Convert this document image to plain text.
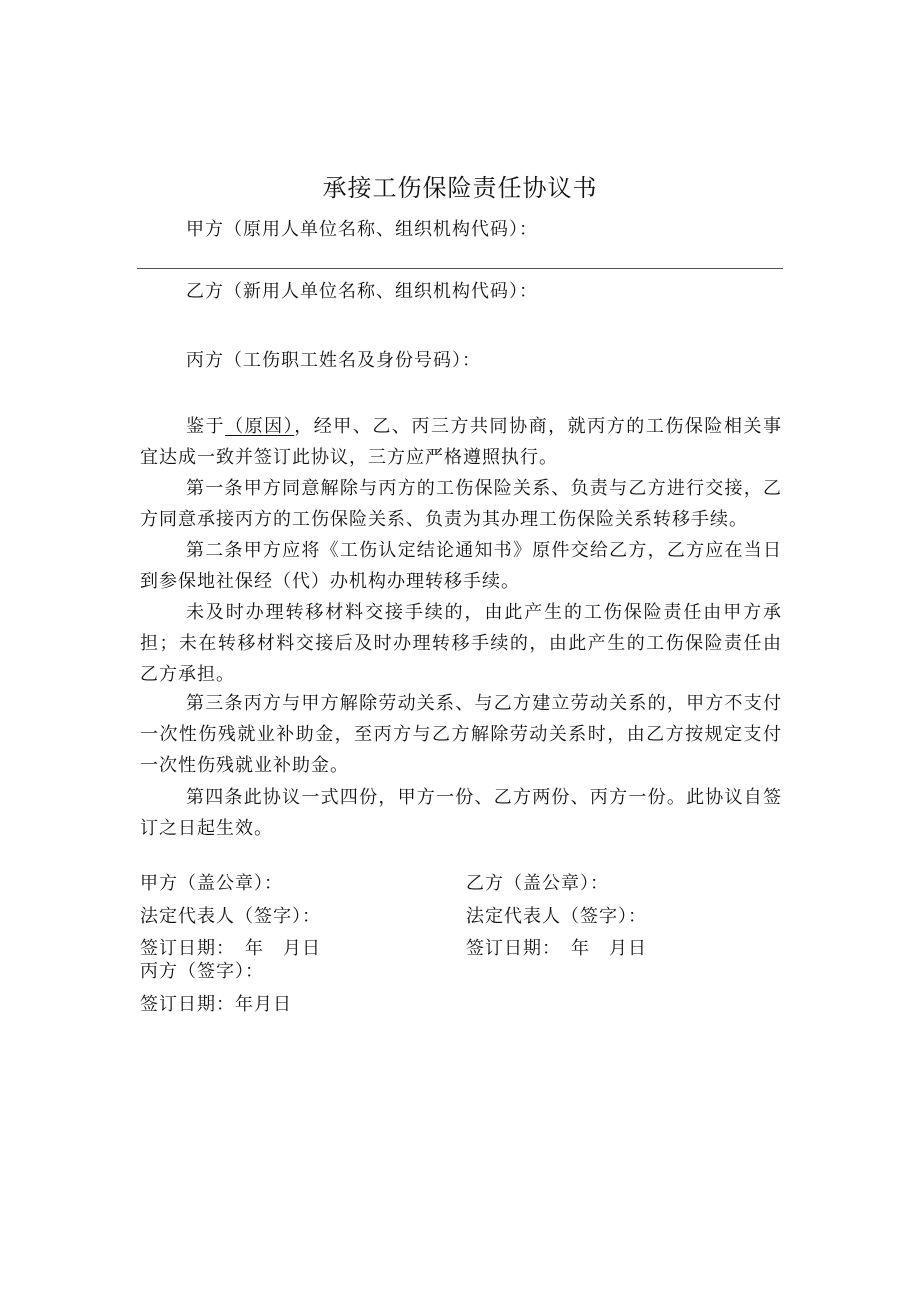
承接工伤保险责任协议书
甲方（原用人单位名称、组织机构代码）：
乙方（新用人单位名称、组织机构代码）：
丙方（工伤职工姓名及身份号码）：
鉴于（原因），经甲、乙、丙三方共同协商，就丙方的工伤保险相关事宜达成一致并签订此协议，三方应严格遵照执行。
第一条甲方同意解除与丙方的工伤保险关系、负责与乙方进行交接，乙方同意承接丙方的工伤保险关系、负责为其办理工伤保险关系转移手续。
第二条甲方应将《工伤认定结论通知书》原件交给乙方，乙方应在当日到参保地社保经（代）办机构办理转移手续。
未及时办理转移材料交接手续的，由此产生的工伤保险责任由甲方承担；未在转移材料交接后及时办理转移手续的，由此产生的工伤保险责任由乙方承担。
第三条丙方与甲方解除劳动关系、与乙方建立劳动关系的，甲方不支付一次性伤残就业补助金，至丙方与乙方解除劳动关系时，由乙方按规定支付一次性伤残就业补助金。
第四条此协议一式四份，甲方一份、乙方两份、丙方一份。此协议自签订之日起生效。
甲方（盖公章）：	乙方（盖公章）：
法定代表人（签字）：	法定代表人（签字）：
签订日期：　年　月日	签订日期：　年　月日
丙方（签字）：
签订日期：年月日
